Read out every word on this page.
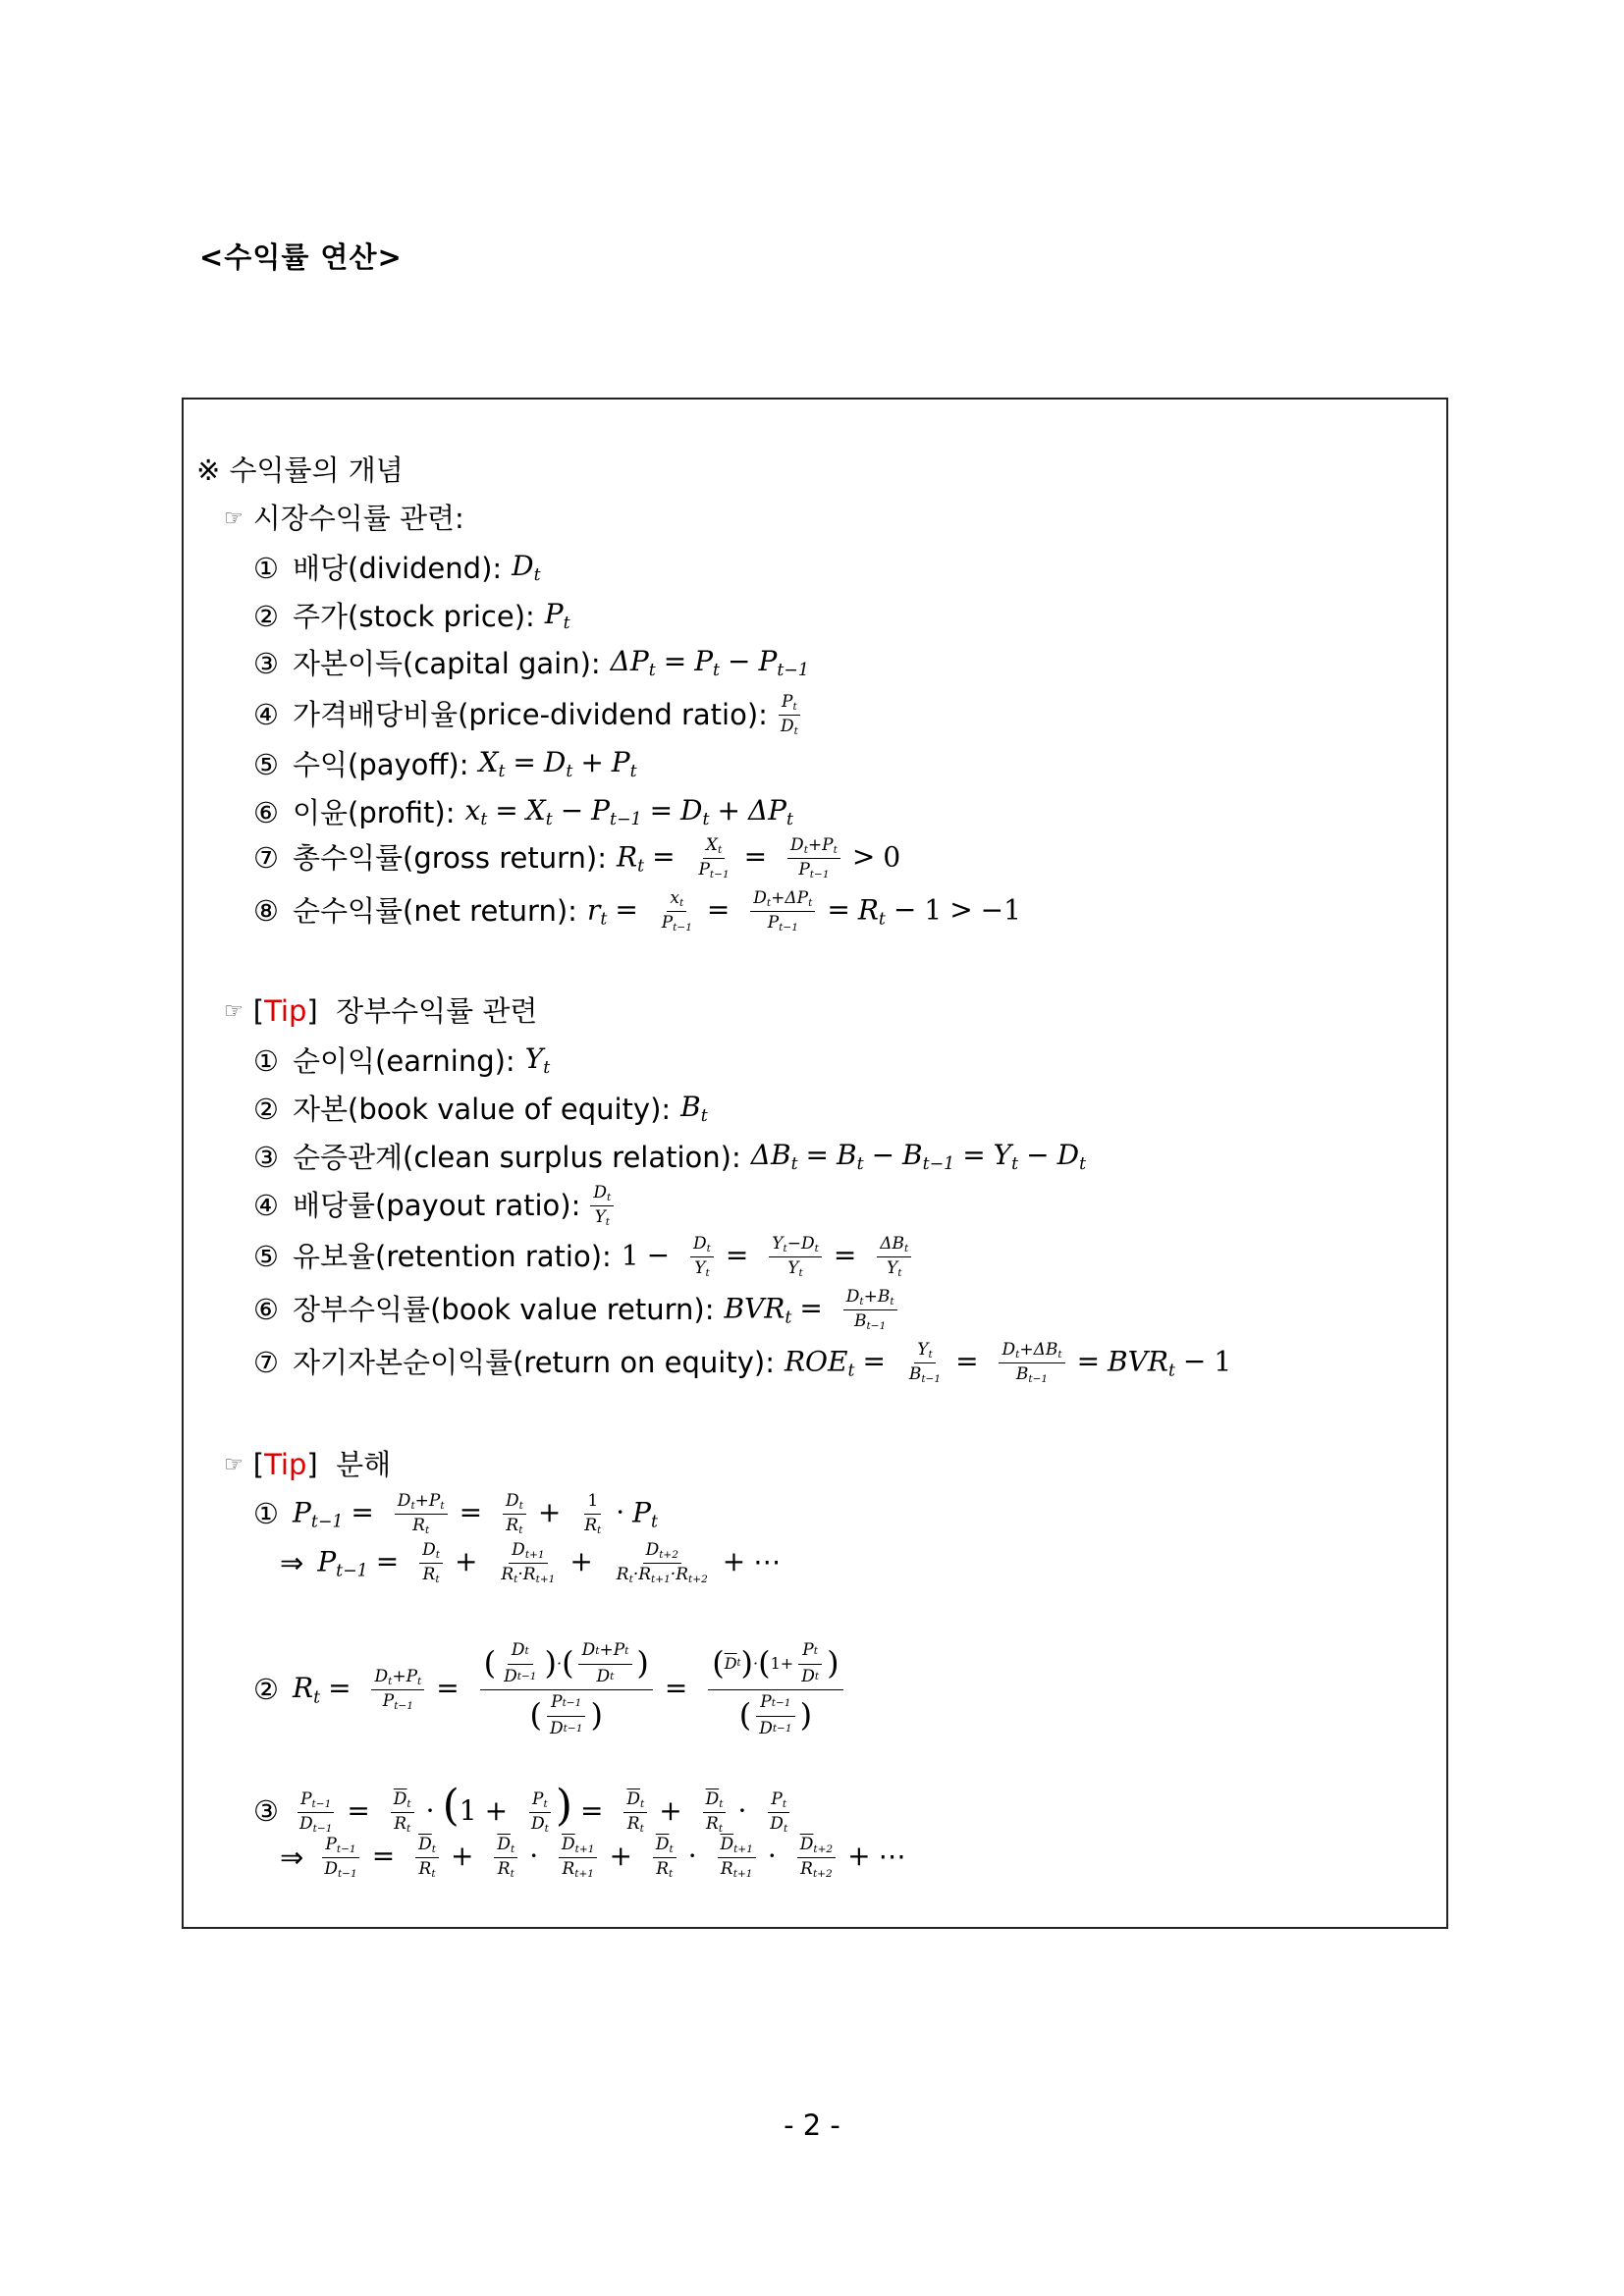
<수익률 연산>
※ 수익률의 개념
☞ 시장수익률 관련:
① 배당(dividend): $D_t$
② 주가(stock price): $P_t$
③ 자본이득(capital gain): $\Delta P_t = P_t - P_{t-1}$
④ 가격배당비율(price-dividend ratio): $\frac{P_t}{D_t}$
⑤ 수익(payoff): $X_t = D_t + P_t$
⑥ 이윤(profit): $x_t = X_t - P_{t-1} = D_t + \Delta P_t$
⑦ 총수익률(gross return): $R_t = \frac{X_t}{P_{t-1}} = \frac{D_t+P_t}{P_{t-1}} > 0$
⑧ 순수익률(net return): $r_t = \frac{x_t}{P_{t-1}} = \frac{D_t+\Delta P_t}{P_{t-1}} = R_t - 1 > -1$
☞ [ Tip ] 장부수익률 관련
① 순이익(earning): $Y_t$
② 자본(book value of equity): $B_t$
③ 순증관계(clean surplus relation): $\Delta B_t = B_t - B_{t-1} = Y_t - D_t$
④ 배당률(payout ratio): $\frac{D_t}{Y_t}$
⑤ 유보율(retention ratio): $1 - \frac{D_t}{Y_t} = \frac{Y_t-D_t}{Y_t} = \frac{\Delta B_t}{Y_t}$
⑥ 장부수익률(book value return): $BVR_t = \frac{D_t+B_t}{B_{t-1}}$
⑦ 자기자본순이익률(return on equity): $ROE_t = \frac{Y_t}{B_{t-1}} = \frac{D_t+\Delta B_t}{B_{t-1}} = BVR_t - 1$
☞ [ Tip ] 분해
① $P_{t-1} = \frac{D_t+P_t}{R_t} = \frac{D_t}{R_t} + \frac{1}{R_t} \cdot P_t$
⇒ $P_{t-1} = \frac{D_t}{R_t} + \frac{D_{t+1}}{R_t\cdot R_{t+1}} + \frac{D_{t+2}}{R_t\cdot R_{t+1}\cdot R_{t+2}}$ + ⋯
② $R_t = \frac{D_t+P_t}{P_{t-1}}$ =
( $\frac{\text{D t}}{\text{D t−1}}$ ) · ( $\frac{\text{D t +P t}}{\text{D t}}$ )
( $\frac{\text{P t−1}}{\text{D t−1}}$ )
=
( $\overline{D}$ t ) · ( $1+ \frac{\text{P t}}{\text{D t}}$ )
( $\frac{\text{P t−1}}{\text{D t−1}}$ )
③ $\frac{P_{t-1}}{D_{t-1}} = \frac{\overline{D}_t}{R_t} \cdot (1 + \frac{P_t}{D_t}$ ) = $\frac{\overline{D}_t}{R_t} + \frac{\overline{D}_t}{R_t} \cdot \frac{P_t}{D_t}$
⇒ $\frac{P_{t-1}}{D_{t-1}} = \frac{\overline{D}_t}{R_t} + \frac{\overline{D}_t}{R_t} \cdot \frac{\overline{D}_{t+1}}{R_{t+1}} + \frac{\overline{D}_t}{R_t} \cdot \frac{\overline{D}_{t+1}}{R_{t+1}} \cdot \frac{\overline{D}_{t+2}}{R_{t+2}}$ + ⋯
- 2 -
